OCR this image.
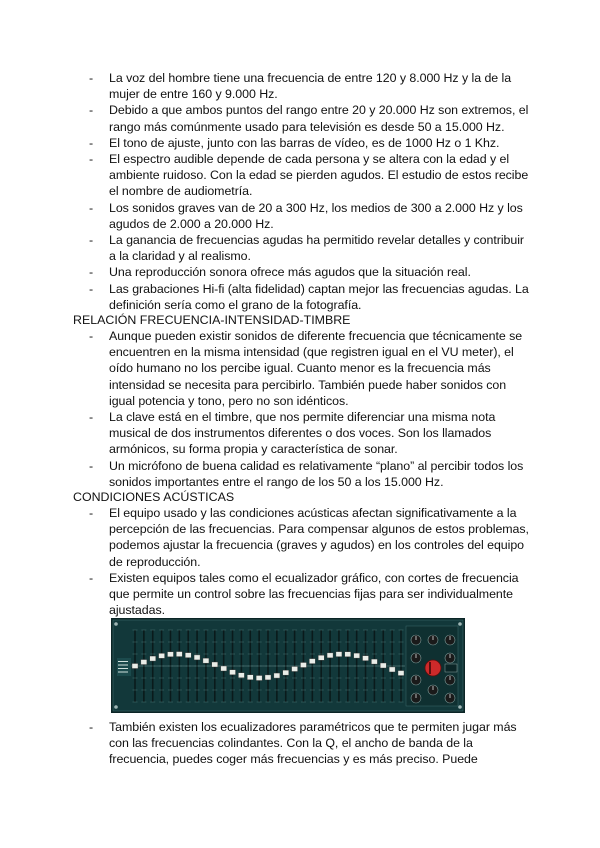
- La voz del hombre tiene una frecuencia de entre 120 y 8.000 Hz y la de la
mujer de entre 160 y 9.000 Hz.
- Debido a que ambos puntos del rango entre 20 y 20.000 Hz son extremos, el
rango más comúnmente usado para televisión es desde 50 a 15.000 Hz.
- El tono de ajuste, junto con las barras de vídeo, es de 1000 Hz o 1 Khz.
- El espectro audible depende de cada persona y se altera con la edad y el
ambiente ruidoso. Con la edad se pierden agudos. El estudio de estos recibe
el nombre de audiometría.
- Los sonidos graves van de 20 a 300 Hz, los medios de 300 a 2.000 Hz y los
agudos de 2.000 a 20.000 Hz.
- La ganancia de frecuencias agudas ha permitido revelar detalles y contribuir
a la claridad y al realismo.
- Una reproducción sonora ofrece más agudos que la situación real.
- Las grabaciones Hi-fi (alta fidelidad) captan mejor las frecuencias agudas. La
definición sería como el grano de la fotografía.
RELACIÓN FRECUENCIA-INTENSIDAD-TIMBRE
- Aunque pueden existir sonidos de diferente frecuencia que técnicamente se
encuentren en la misma intensidad (que registren igual en el VU meter), el
oído humano no los percibe igual. Cuanto menor es la frecuencia más
intensidad se necesita para percibirlo. También puede haber sonidos con
igual potencia y tono, pero no son idénticos.
- La clave está en el timbre, que nos permite diferenciar una misma nota
musical de dos instrumentos diferentes o dos voces. Son los llamados
armónicos, su forma propia y característica de sonar.
- Un micrófono de buena calidad es relativamente “plano” al percibir todos los
sonidos importantes entre el rango de los 50 a los 15.000 Hz.
CONDICIONES ACÚSTICAS
- El equipo usado y las condiciones acústicas afectan significativamente a la
percepción de las frecuencias. Para compensar algunos de estos problemas,
podemos ajustar la frecuencia (graves y agudos) en los controles del equipo
de reproducción.
- Existen equipos tales como el ecualizador gráfico, con cortes de frecuencia
que permite un control sobre las frecuencias fijas para ser individualmente
ajustadas.
- También existen los ecualizadores paramétricos que te permiten jugar más
con las frecuencias colindantes. Con la Q, el ancho de banda de la
frecuencia, puedes coger más frecuencias y es más preciso. Puede
